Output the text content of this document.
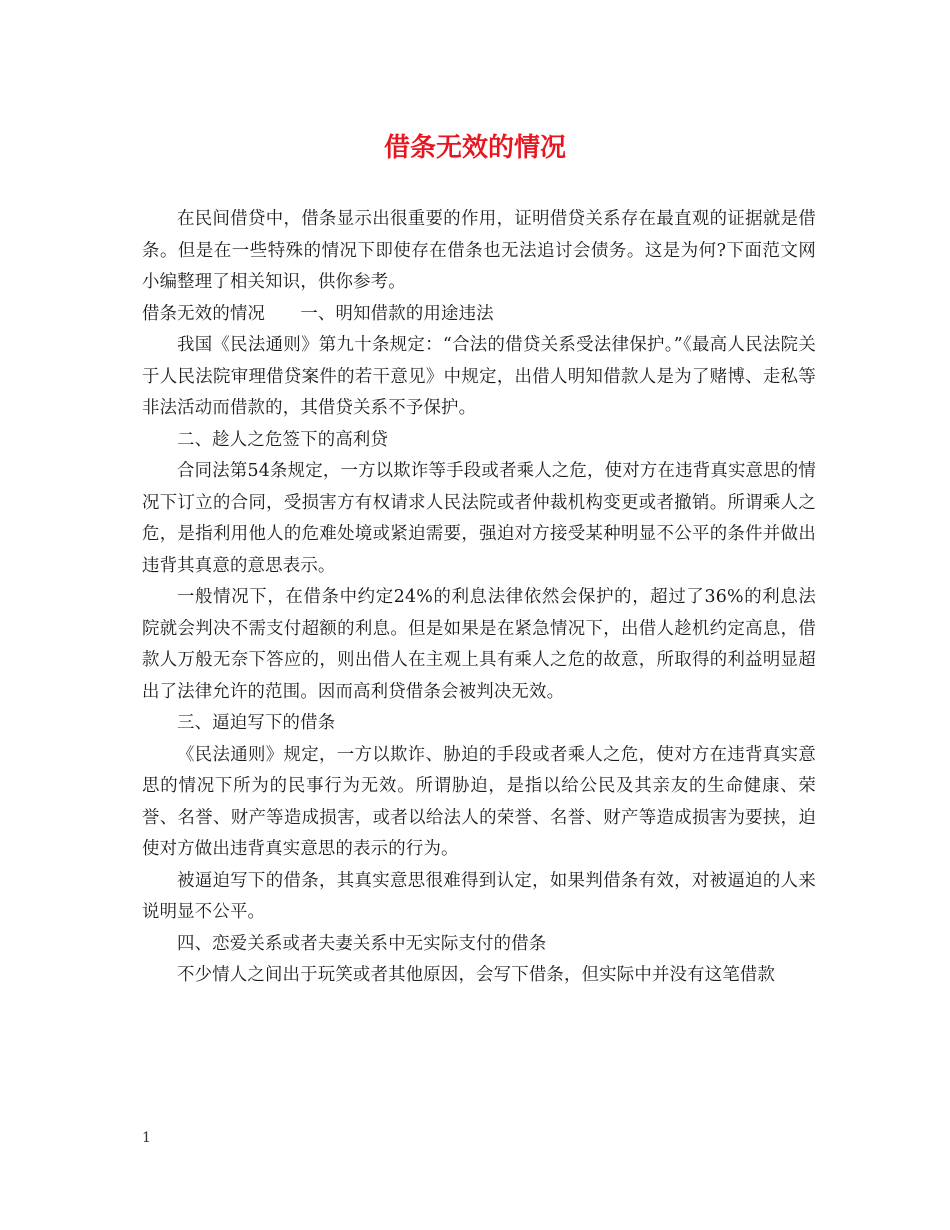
借条无效的情况

在民间借贷中，借条显示出很重要的作用，证明借贷关系存在最直观的证据就是借条。但是在一些特殊的情况下即使存在借条也无法追讨会债务。这是为何?下面范文网小编整理了相关知识，供你参考。

借条无效的情况　　一、明知借款的用途违法

我国《民法通则》第九十条规定：“合法的借贷关系受法律保护。”《最高人民法院关于人民法院审理借贷案件的若干意见》中规定，出借人明知借款人是为了赌博、走私等非法活动而借款的，其借贷关系不予保护。

二、趁人之危签下的高利贷

合同法第54条规定，一方以欺诈等手段或者乘人之危，使对方在违背真实意思的情况下订立的合同，受损害方有权请求人民法院或者仲裁机构变更或者撤销。所谓乘人之危，是指利用他人的危难处境或紧迫需要，强迫对方接受某种明显不公平的条件并做出违背其真意的意思表示。

一般情况下，在借条中约定24%的利息法律依然会保护的，超过了36%的利息法院就会判决不需支付超额的利息。但是如果是在紧急情况下，出借人趁机约定高息，借款人万般无奈下答应的，则出借人在主观上具有乘人之危的故意，所取得的利益明显超出了法律允许的范围。因而高利贷借条会被判决无效。

三、逼迫写下的借条

《民法通则》规定，一方以欺诈、胁迫的手段或者乘人之危，使对方在违背真实意思的情况下所为的民事行为无效。所谓胁迫，是指以给公民及其亲友的生命健康、荣誉、名誉、财产等造成损害，或者以给法人的荣誉、名誉、财产等造成损害为要挟，迫使对方做出违背真实意思的表示的行为。

被逼迫写下的借条，其真实意思很难得到认定，如果判借条有效，对被逼迫的人来说明显不公平。

四、恋爱关系或者夫妻关系中无实际支付的借条

不少情人之间出于玩笑或者其他原因，会写下借条，但实际中并没有这笔借款

1
